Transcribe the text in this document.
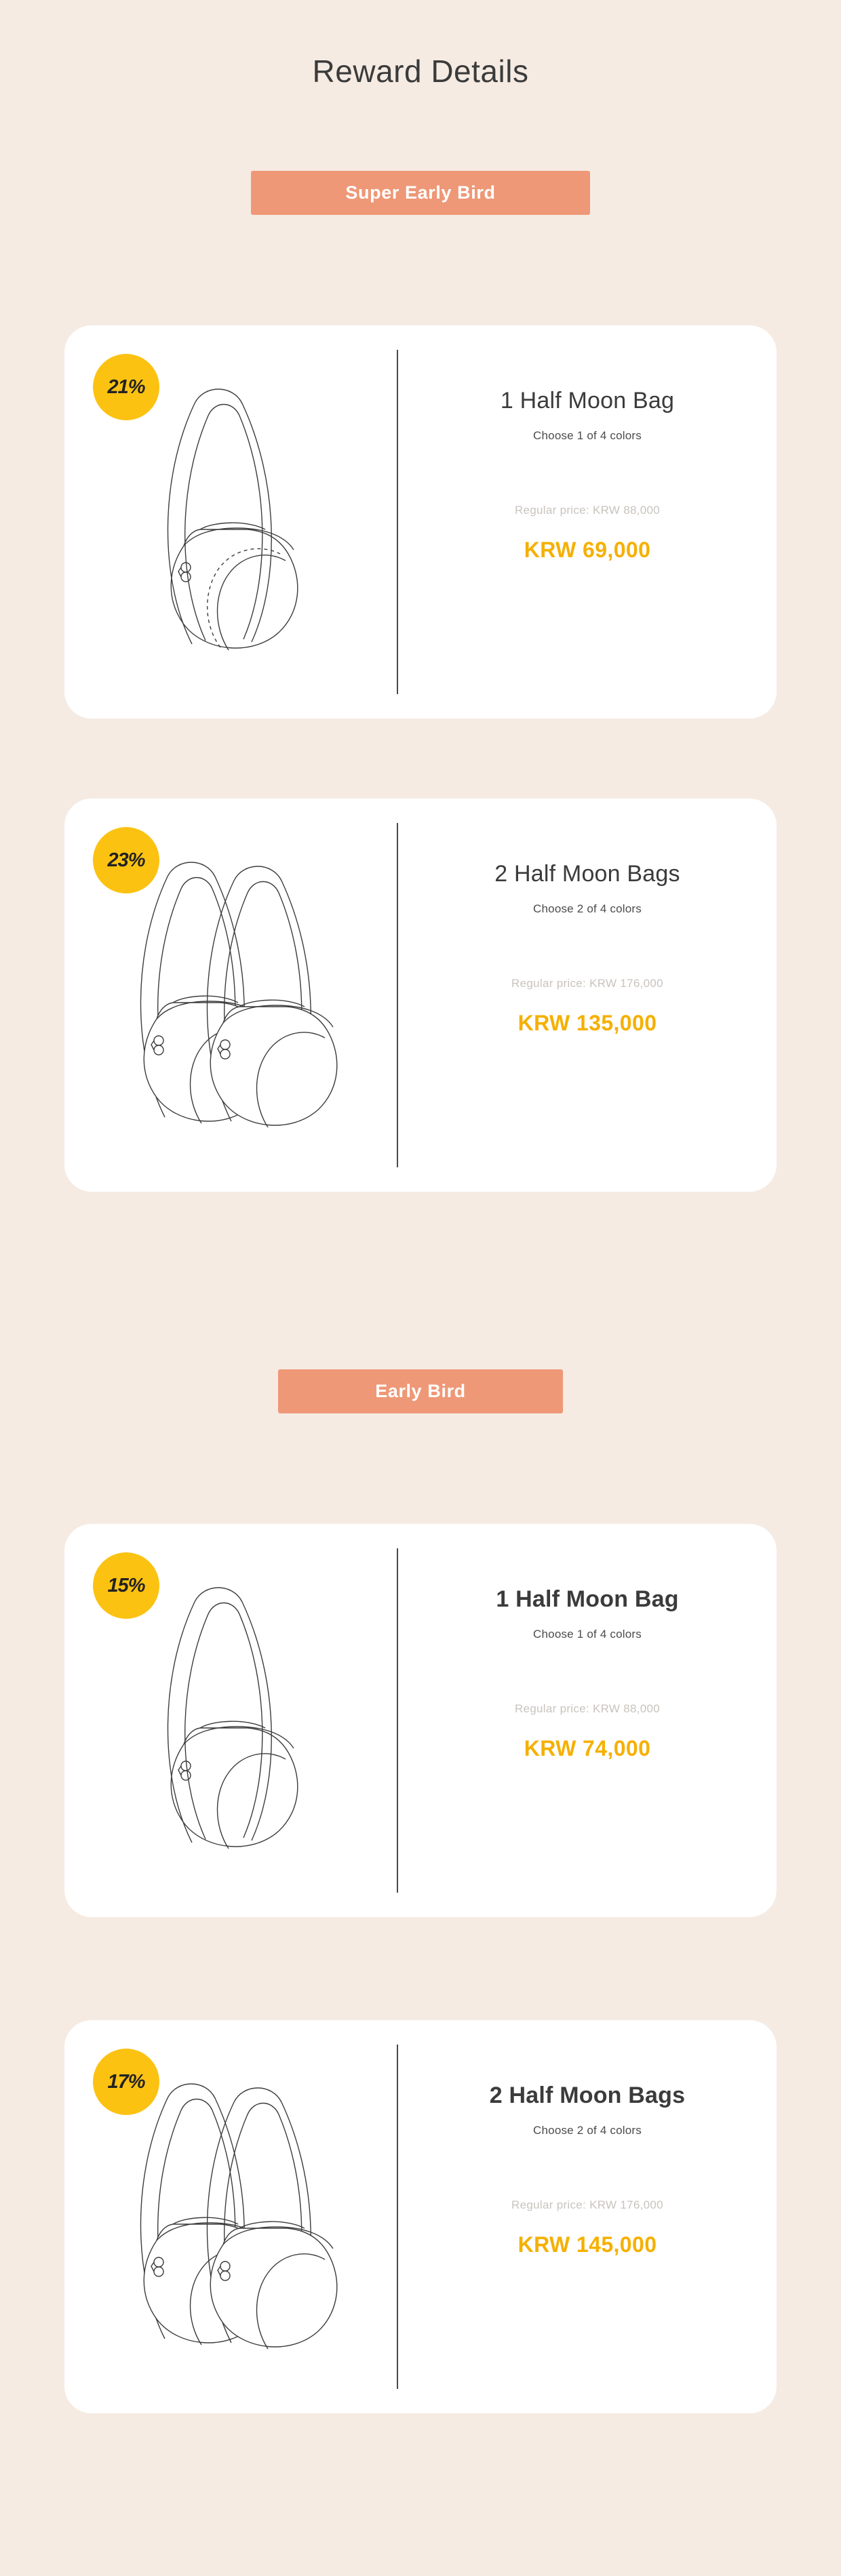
Reward Details
Super Early Bird
21%
1 Half Moon Bag
Choose 1 of 4 colors
Regular price: KRW 88,000
KRW 69,000
23%
2 Half Moon Bags
Choose 2 of 4 colors
Regular price: KRW 176,000
KRW 135,000
Early Bird
15%
1 Half Moon Bag
Choose 1 of 4 colors
Regular price: KRW 88,000
KRW 74,000
17%
2 Half Moon Bags
Choose 2 of 4 colors
Regular price: KRW 176,000
KRW 145,000
